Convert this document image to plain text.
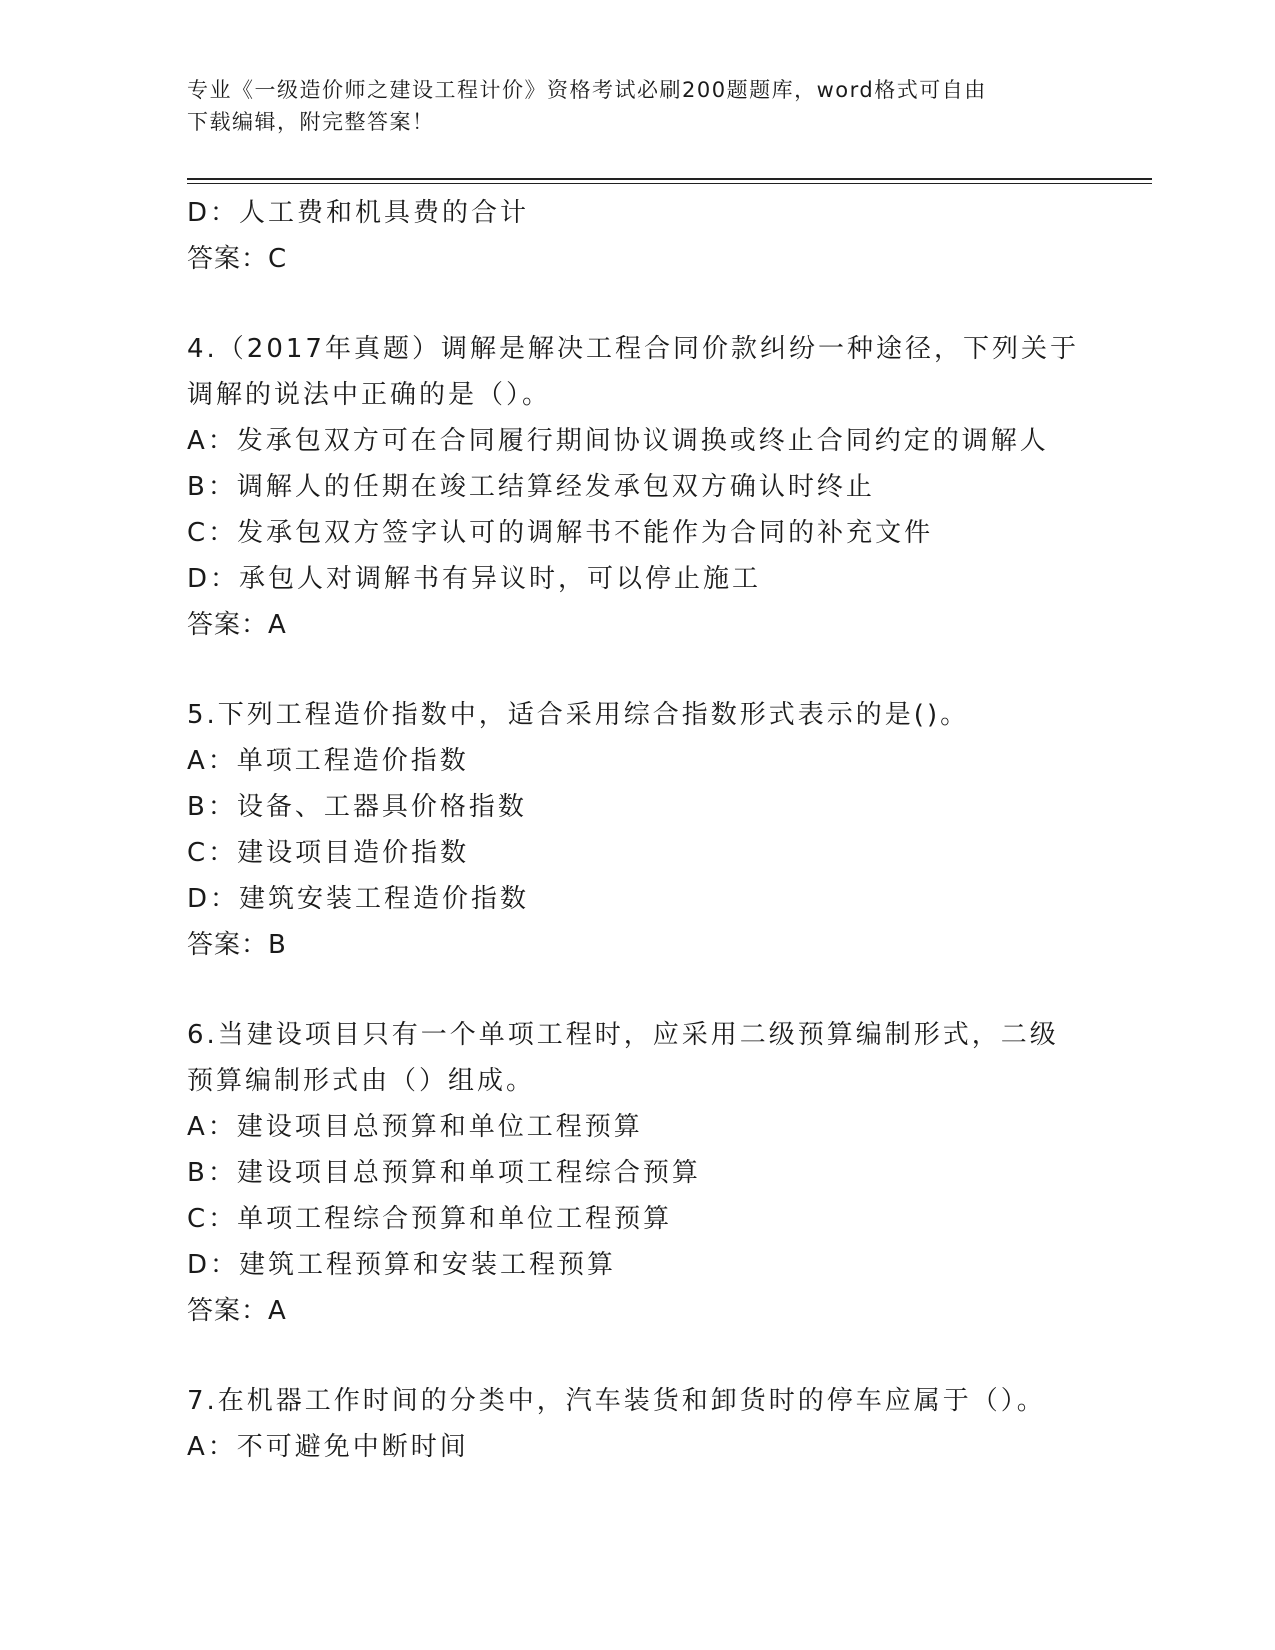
专业《一级造价师之建设工程计价》资格考试必刷200题题库，word格式可自由
下载编辑，附完整答案！
D：人工费和机具费的合计
答案：C
4.（2017年真题）调解是解决工程合同价款纠纷一种途径，下列关于
调解的说法中正确的是（）。
A：发承包双方可在合同履行期间协议调换或终止合同约定的调解人
B：调解人的任期在竣工结算经发承包双方确认时终止
C：发承包双方签字认可的调解书不能作为合同的补充文件
D：承包人对调解书有异议时，可以停止施工
答案：A
5.下列工程造价指数中，适合采用综合指数形式表示的是()。
A：单项工程造价指数
B：设备、工器具价格指数
C：建设项目造价指数
D：建筑安装工程造价指数
答案：B
6.当建设项目只有一个单项工程时，应采用二级预算编制形式，二级
预算编制形式由（）组成。
A：建设项目总预算和单位工程预算
B：建设项目总预算和单项工程综合预算
C：单项工程综合预算和单位工程预算
D：建筑工程预算和安装工程预算
答案：A
7.在机器工作时间的分类中，汽车装货和卸货时的停车应属于（）。
A：不可避免中断时间
